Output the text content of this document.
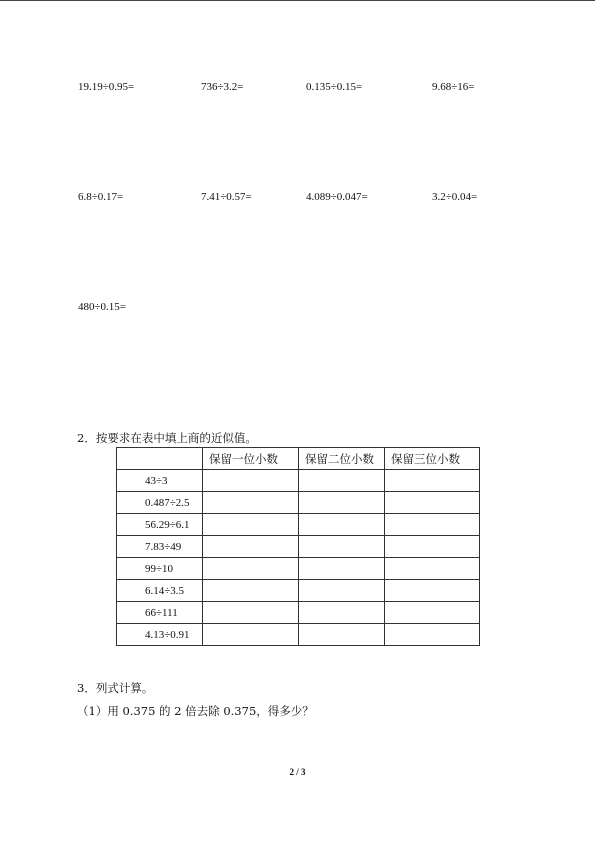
19.19÷0.95=	736÷3.2=	0.135÷0.15=	9.68÷16=
6.8÷0.17=	7.41÷0.57=	4.089÷0.047=	3.2÷0.04=
480÷0.15=
2．按要求在表中填上商的近似值。
	保留一位小数	保留二位小数	保留三位小数
43÷3			
0.487÷2.5			
56.29÷6.1			
7.83÷49			
99÷10			
6.14÷3.5			
66÷111			
4.13÷0.91			
3．列式计算。
（1）用 0.375 的 2 倍去除 0.375，得多少？
2 / 3
